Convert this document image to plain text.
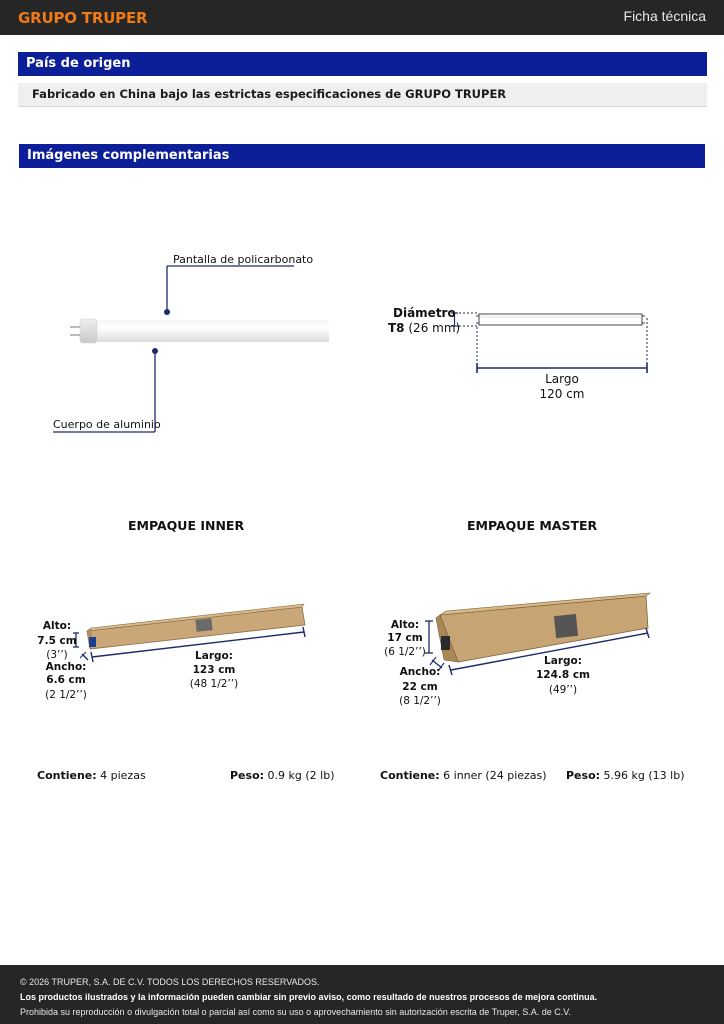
GRUPO TRUPER	Ficha técnica
País de origen
Fabricado en China bajo las estrictas especificaciones de GRUPO TRUPER
Imágenes complementarias
Pantalla de policarbonato
Cuerpo de aluminio
Diámetro
T8 (26 mm)
Largo
120 cm
EMPAQUE INNER	EMPAQUE MASTER
Alto:
7.5 cm
(3’’)
Ancho:
6.6 cm
(2 1/2’’)
Largo:
123 cm
(48 1/2’’)
Alto:
17 cm
(6 1/2’’)
Ancho:
22 cm
(8 1/2’’)
Largo:
124.8 cm
(49’’)
Contiene: 4 piezas	Peso: 0.9 kg (2 lb)	Contiene: 6 inner (24 piezas) Peso: 5.96 kg (13 lb)
© 2026 TRUPER, S.A. DE C.V. TODOS LOS DERECHOS RESERVADOS.
Los productos ilustrados y la información pueden cambiar sin previo aviso, como resultado de nuestros procesos de mejora continua.
Prohibida su reproducción o divulgación total o parcial así como su uso o aprovechamiento sin autorización escrita de Truper, S.A. de C.V.
